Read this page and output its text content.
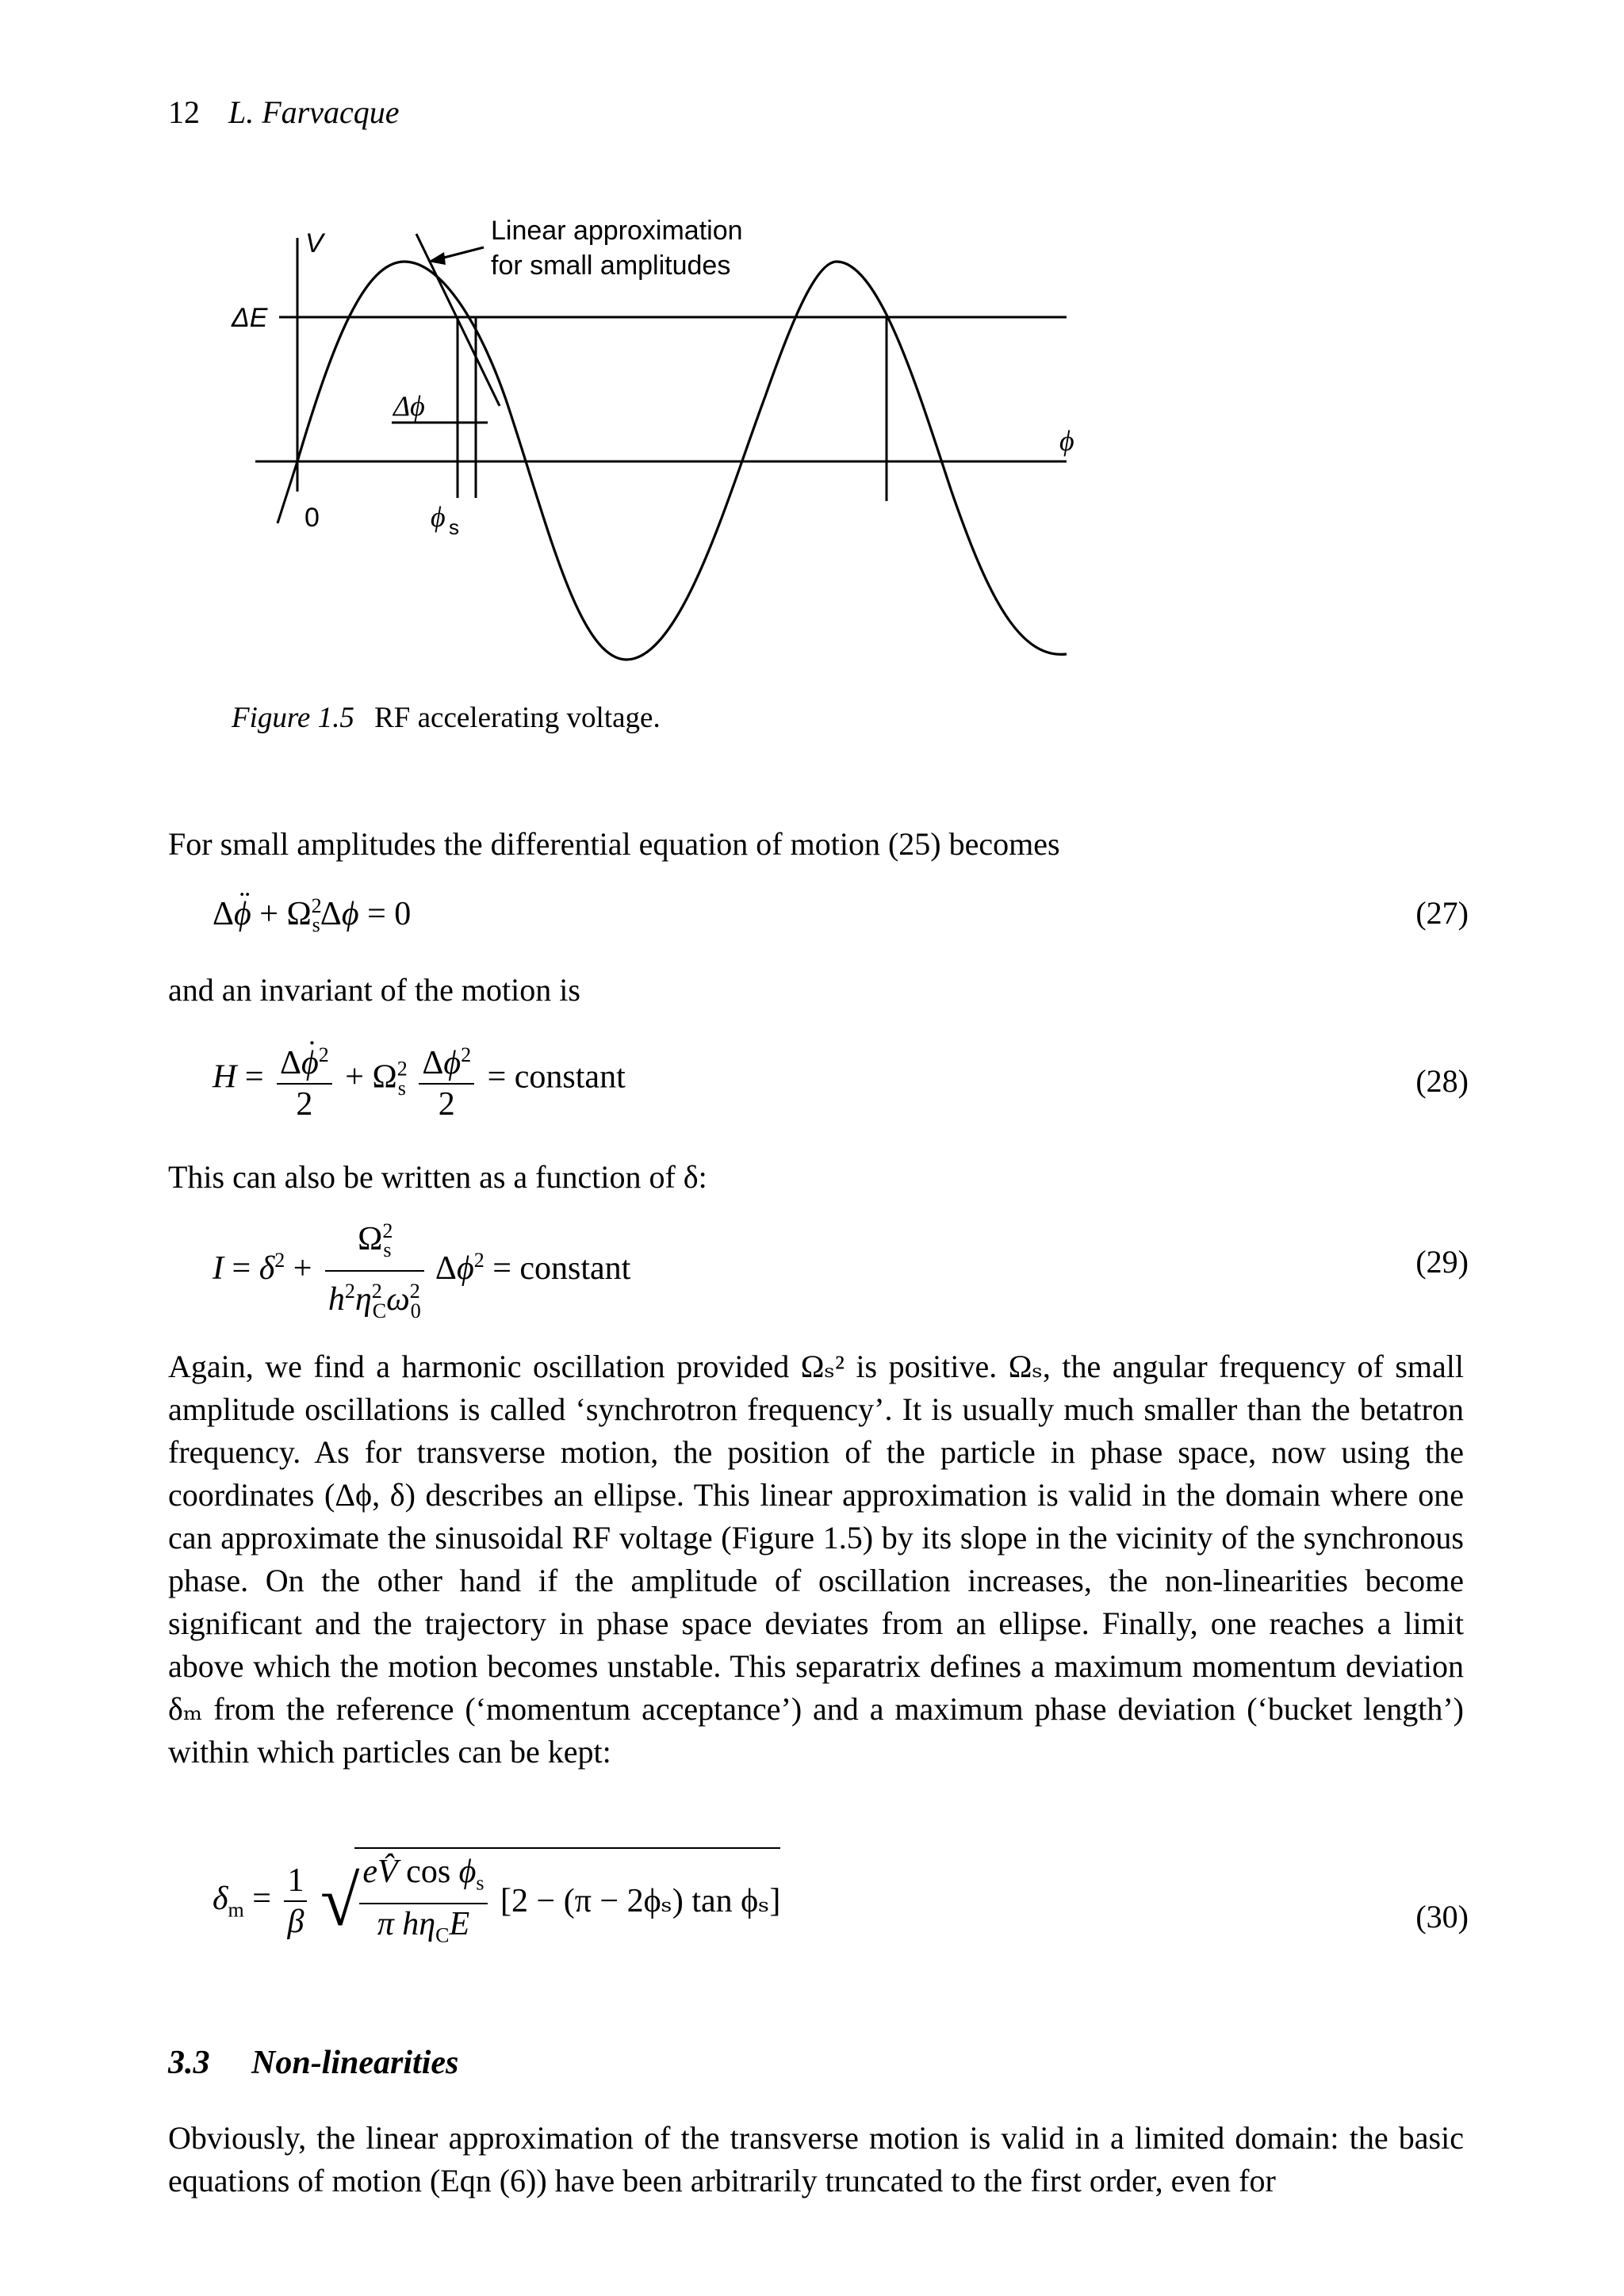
12 L. Farvacque
V
ΔE
0
Linear approximation
for small amplitudes
Δϕ
ϕ
ϕ s
Figure 1.5 RF accelerating voltage.
For small amplitudes the differential equation of motion (25) becomes
Δ¨ $\phi + \Omega^2_s\Delta\phi = 0$	(27)
and an invariant of the motion is
$H = \frac{\Delta˙ \phi^2}{2} + \Omega^2_s \frac{\Delta\phi^2}{2}$ = constant	(28)
This can also be written as a function of δ:
$I = \delta^2 + \frac{\Omega^2_s}{h^2\eta^2_C\omega^2_0} \Delta\phi^2$ = constant	(29)
Again, we find a harmonic oscillation provided Ωₛ² is positive. Ωₛ, the angular frequency of small amplitude oscillations is called ‘synchrotron frequency’. It is usually much smaller than the betatron frequency. As for transverse motion, the position of the particle in phase space, now using the coordinates (Δϕ, δ) describes an ellipse. This linear approximation is valid in the domain where one can approximate the sinusoidal RF voltage (Figure 1.5) by its slope in the vicinity of the synchronous phase. On the other hand if the amplitude of oscillation increases, the non-linearities become significant and the trajectory in phase space deviates from an ellipse. Finally, one reaches a limit above which the motion becomes unstable. This separatrix defines a maximum momentum deviation δₘ from the reference (‘momentum acceptance’) and a maximum phase deviation (‘bucket length’) within which particles can be kept:
$\delta_m = \frac{1}{\beta}$ √ $\frac{eV̂ \cos \phi_s}{\pi h\eta_CE} [2 - (\pi - 2\phi_s)$ tan ϕₛ]	(30)
3.3 Non-linearities
Obviously, the linear approximation of the transverse motion is valid in a limited domain: the basic equations of motion (Eqn (6)) have been arbitrarily truncated to the first order, even for
